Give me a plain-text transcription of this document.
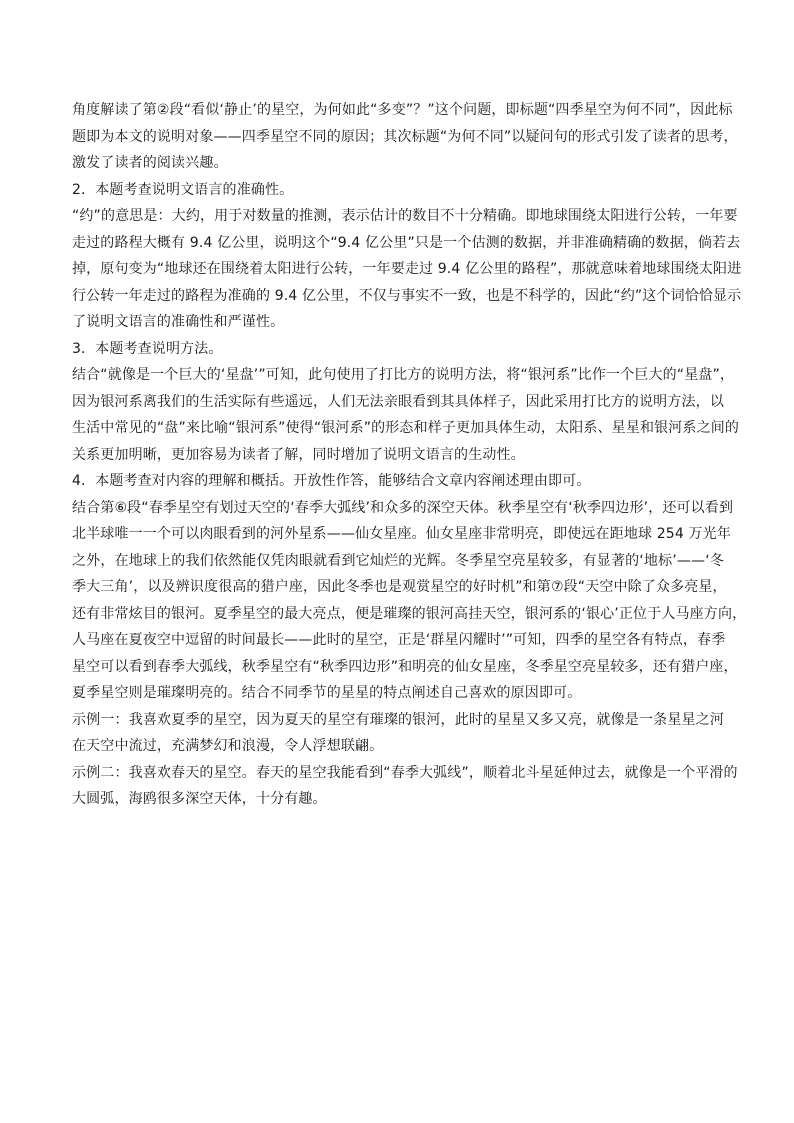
角度解读了第②段“看似‘静止’的星空，为何如此“多变”？”这个问题，即标题“四季星空为何不同”，因此标
题即为本文的说明对象——四季星空不同的原因；其次标题“为何不同”以疑问句的形式引发了读者的思考，
激发了读者的阅读兴趣。
2．本题考查说明文语言的准确性。
“约”的意思是：大约，用于对数量的推测，表示估计的数目不十分精确。即地球围绕太阳进行公转，一年要
走过的路程大概有 9.4 亿公里，说明这个“9.4 亿公里”只是一个估测的数据，并非准确精确的数据，倘若去
掉，原句变为“地球还在围绕着太阳进行公转，一年要走过 9.4 亿公里的路程”，那就意味着地球围绕太阳进
行公转一年走过的路程为准确的 9.4 亿公里，不仅与事实不一致，也是不科学的，因此“约”这个词恰恰显示
了说明文语言的准确性和严谨性。
3．本题考查说明方法。
结合“就像是一个巨大的‘星盘’”可知，此句使用了打比方的说明方法，将“银河系”比作一个巨大的“星盘”，
因为银河系离我们的生活实际有些遥远，人们无法亲眼看到其具体样子，因此采用打比方的说明方法，以
生活中常见的“盘”来比喻“银河系”使得“银河系”的形态和样子更加具体生动，太阳系、星星和银河系之间的
关系更加明晰，更加容易为读者了解，同时增加了说明文语言的生动性。
4．本题考查对内容的理解和概括。开放性作答，能够结合文章内容阐述理由即可。
结合第⑥段“春季星空有划过天空的‘春季大弧线’和众多的深空天体。秋季星空有‘秋季四边形’，还可以看到
北半球唯一一个可以肉眼看到的河外星系——仙女星座。仙女星座非常明亮，即使远在距地球 254 万光年
之外，在地球上的我们依然能仅凭肉眼就看到它灿烂的光辉。冬季星空亮星较多，有显著的‘地标’——‘冬
季大三角’，以及辨识度很高的猎户座，因此冬季也是观赏星空的好时机”和第⑦段“天空中除了众多亮星，
还有非常炫目的银河。夏季星空的最大亮点，便是璀璨的银河高挂天空，银河系的‘银心’正位于人马座方向，
人马座在夏夜空中逗留的时间最长——此时的星空，正是‘群星闪耀时’”可知，四季的星空各有特点，春季
星空可以看到春季大弧线，秋季星空有“秋季四边形”和明亮的仙女星座，冬季星空亮星较多，还有猎户座，
夏季星空则是璀璨明亮的。结合不同季节的星星的特点阐述自己喜欢的原因即可。
示例一：我喜欢夏季的星空，因为夏天的星空有璀璨的银河，此时的星星又多又亮，就像是一条星星之河
在天空中流过，充满梦幻和浪漫，令人浮想联翩。
示例二：我喜欢春天的星空。春天的星空我能看到“春季大弧线”，顺着北斗星延伸过去，就像是一个平滑的
大圆弧，海鸥很多深空天体，十分有趣。
